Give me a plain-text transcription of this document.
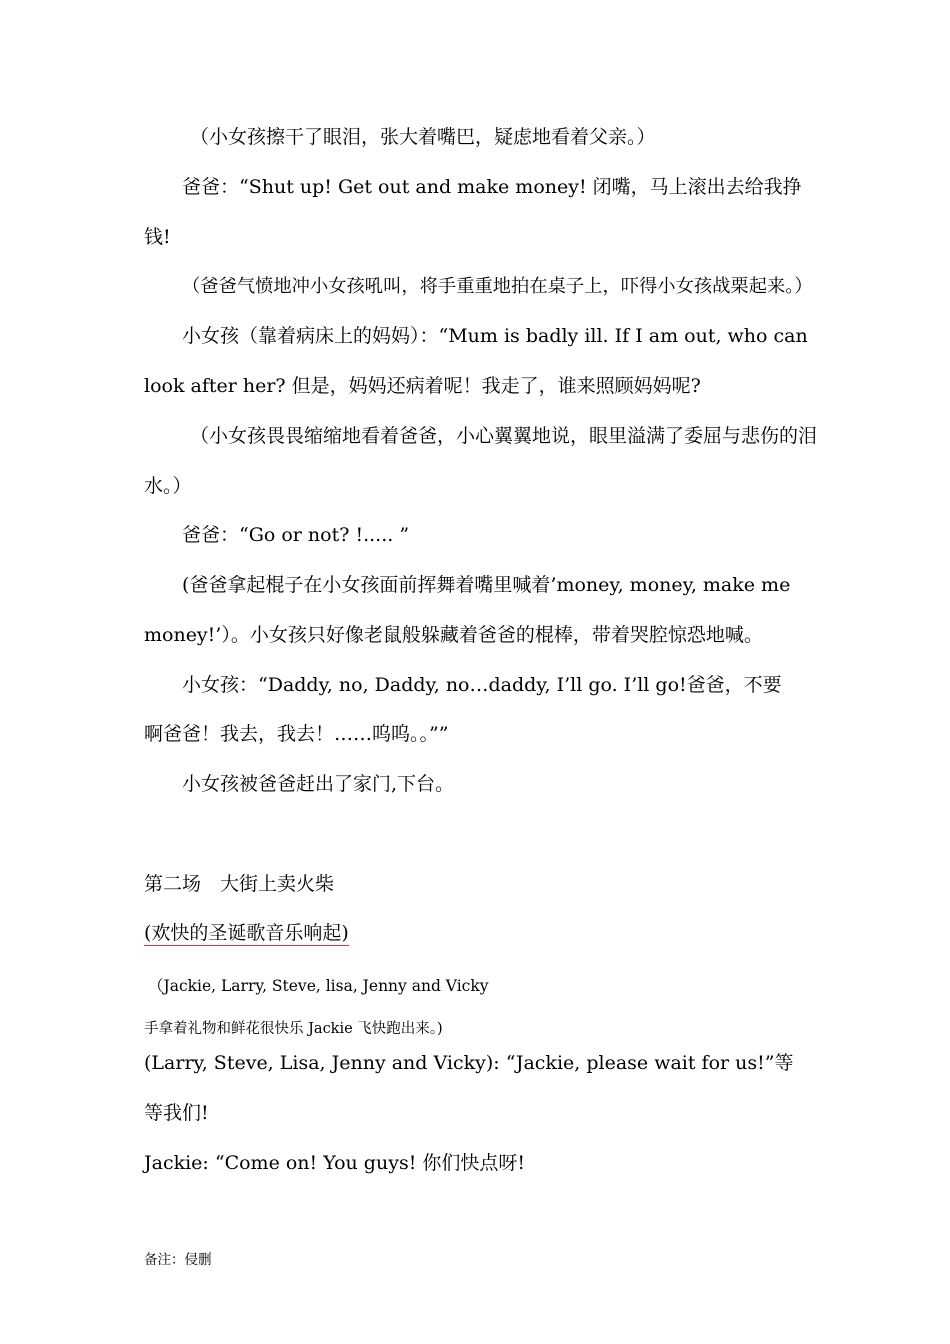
（小女孩擦干了眼泪，张大着嘴巴，疑虑地看着父亲。）
爸爸：“Shut up! Get out and make money! 闭嘴，马上滚出去给我挣
钱!
（爸爸气愤地冲小女孩吼叫，将手重重地拍在桌子上，吓得小女孩战栗起来。）
小女孩（靠着病床上的妈妈）：“Mum is badly ill. If I am out, who can
look after her? 但是，妈妈还病着呢！我走了，谁来照顾妈妈呢?
（小女孩畏畏缩缩地看着爸爸，小心翼翼地说，眼里溢满了委屈与悲伤的泪
水。）
爸爸：“Go or not? !..... ”
(爸爸拿起棍子在小女孩面前挥舞着嘴里喊着’money, money, make me
money!’）。小女孩只好像老鼠般躲藏着爸爸的棍棒，带着哭腔惊恐地喊。
小女孩：“Daddy, no, Daddy, no…daddy, I’ll go. I’ll go!爸爸，不要
啊爸爸！我去，我去！……呜呜。。””
小女孩被爸爸赶出了家门,下台。
第二场　大街上卖火柴
(欢快的圣诞歌音乐响起)
（Jackie, Larry, Steve, lisa, Jenny and Vicky
手拿着礼物和鲜花很快乐 Jackie 飞快跑出来。)
(Larry, Steve, Lisa, Jenny and Vicky): “Jackie, please wait for us!”等
等我们!
Jackie: “Come on! You guys! 你们快点呀!
备注：侵删
